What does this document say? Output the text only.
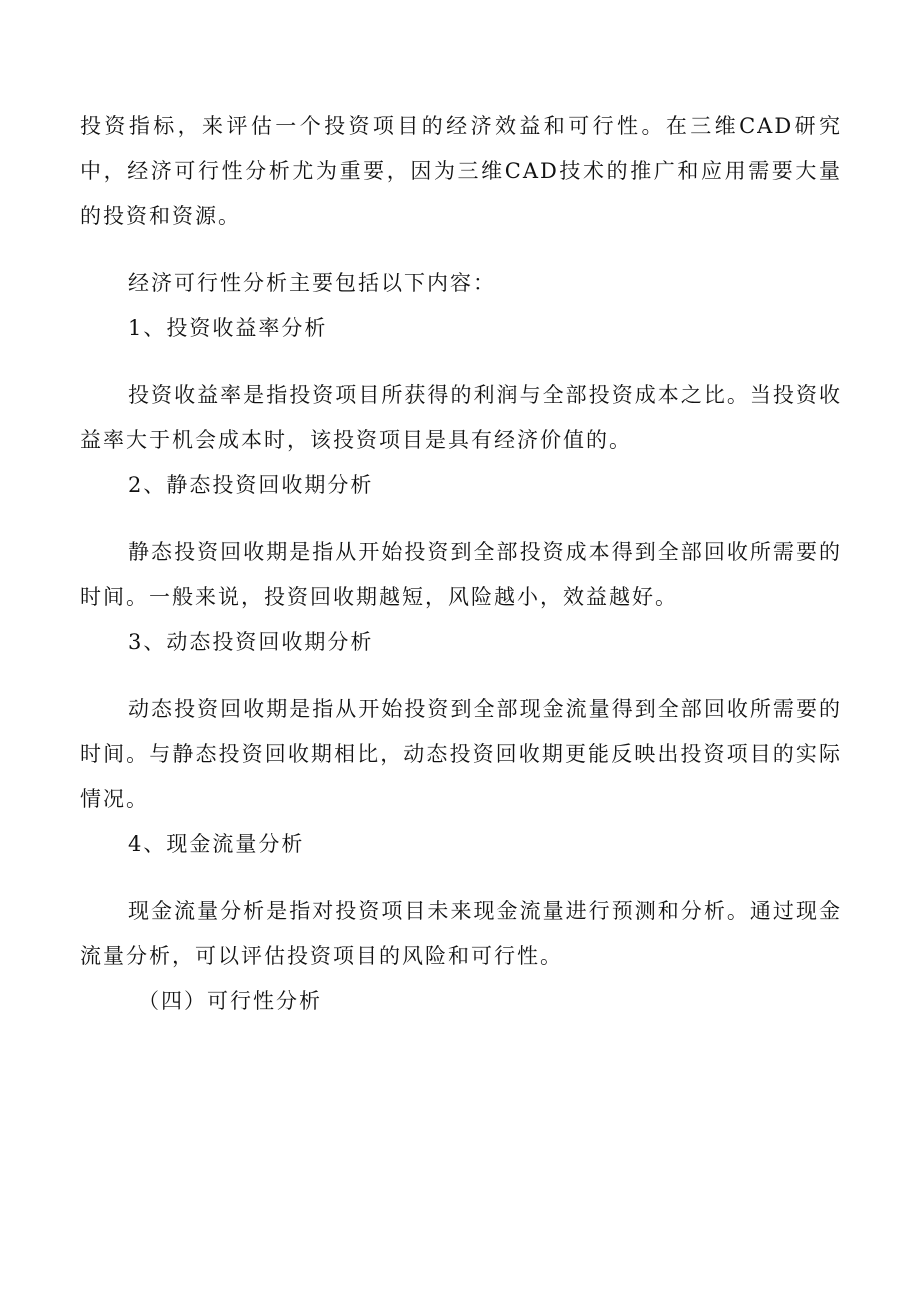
投资指标，来评估一个投资项目的经济效益和可行性。在三维CAD研究中，经济可行性分析尤为重要，因为三维CAD技术的推广和应用需要大量的投资和资源。

经济可行性分析主要包括以下内容：

1、投资收益率分析

投资收益率是指投资项目所获得的利润与全部投资成本之比。当投资收益率大于机会成本时，该投资项目是具有经济价值的。

2、静态投资回收期分析

静态投资回收期是指从开始投资到全部投资成本得到全部回收所需要的时间。一般来说，投资回收期越短，风险越小，效益越好。

3、动态投资回收期分析

动态投资回收期是指从开始投资到全部现金流量得到全部回收所需要的时间。与静态投资回收期相比，动态投资回收期更能反映出投资项目的实际情况。

4、现金流量分析

现金流量分析是指对投资项目未来现金流量进行预测和分析。通过现金流量分析，可以评估投资项目的风险和可行性。

（四）可行性分析
